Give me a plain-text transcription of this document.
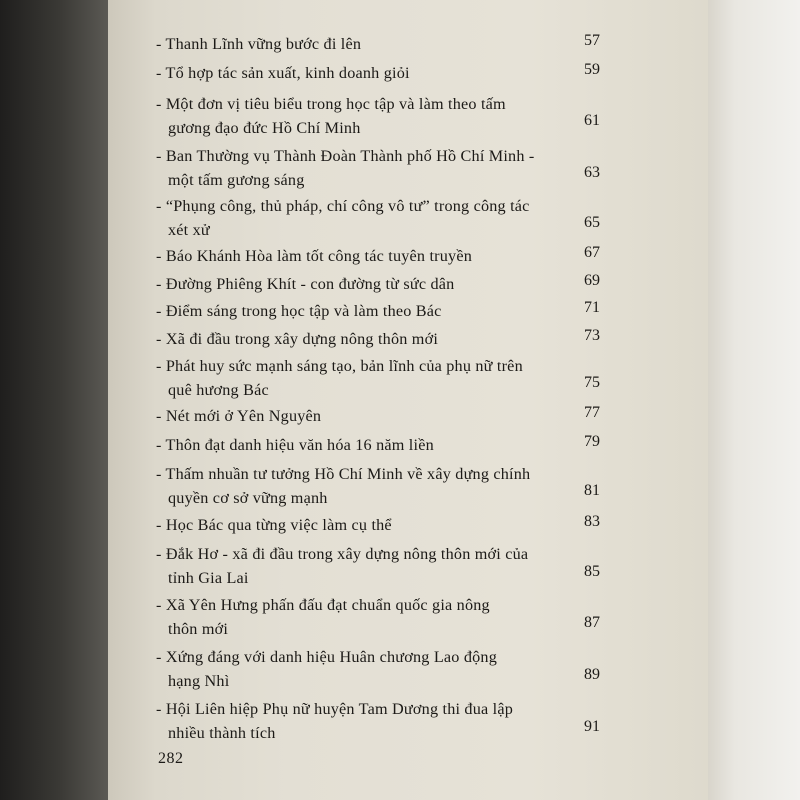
- Thanh Lĩnh vững bước đi lên	57
- Tổ hợp tác sản xuất, kinh doanh giỏi	59
- Một đơn vị tiêu biểu trong học tập và làm theo tấm
gương đạo đức Hồ Chí Minh	61
- Ban Thường vụ Thành Đoàn Thành phố Hồ Chí Minh -
một tấm gương sáng	63
- “Phụng công, thủ pháp, chí công vô tư” trong công tác
xét xử	65
- Báo Khánh Hòa làm tốt công tác tuyên truyền	67
- Đường Phiêng Khít - con đường từ sức dân	69
- Điểm sáng trong học tập và làm theo Bác	71
- Xã đi đầu trong xây dựng nông thôn mới	73
- Phát huy sức mạnh sáng tạo, bản lĩnh của phụ nữ trên
quê hương Bác	75
- Nét mới ở Yên Nguyên	77
- Thôn đạt danh hiệu văn hóa 16 năm liền	79
- Thấm nhuần tư tưởng Hồ Chí Minh về xây dựng chính
quyền cơ sở vững mạnh	81
- Học Bác qua từng việc làm cụ thể	83
- Đắk Hơ - xã đi đầu trong xây dựng nông thôn mới của
tỉnh Gia Lai	85
- Xã Yên Hưng phấn đấu đạt chuẩn quốc gia nông
thôn mới	87
- Xứng đáng với danh hiệu Huân chương Lao động
hạng Nhì	89
- Hội Liên hiệp Phụ nữ huyện Tam Dương thi đua lập
nhiều thành tích	91
282
